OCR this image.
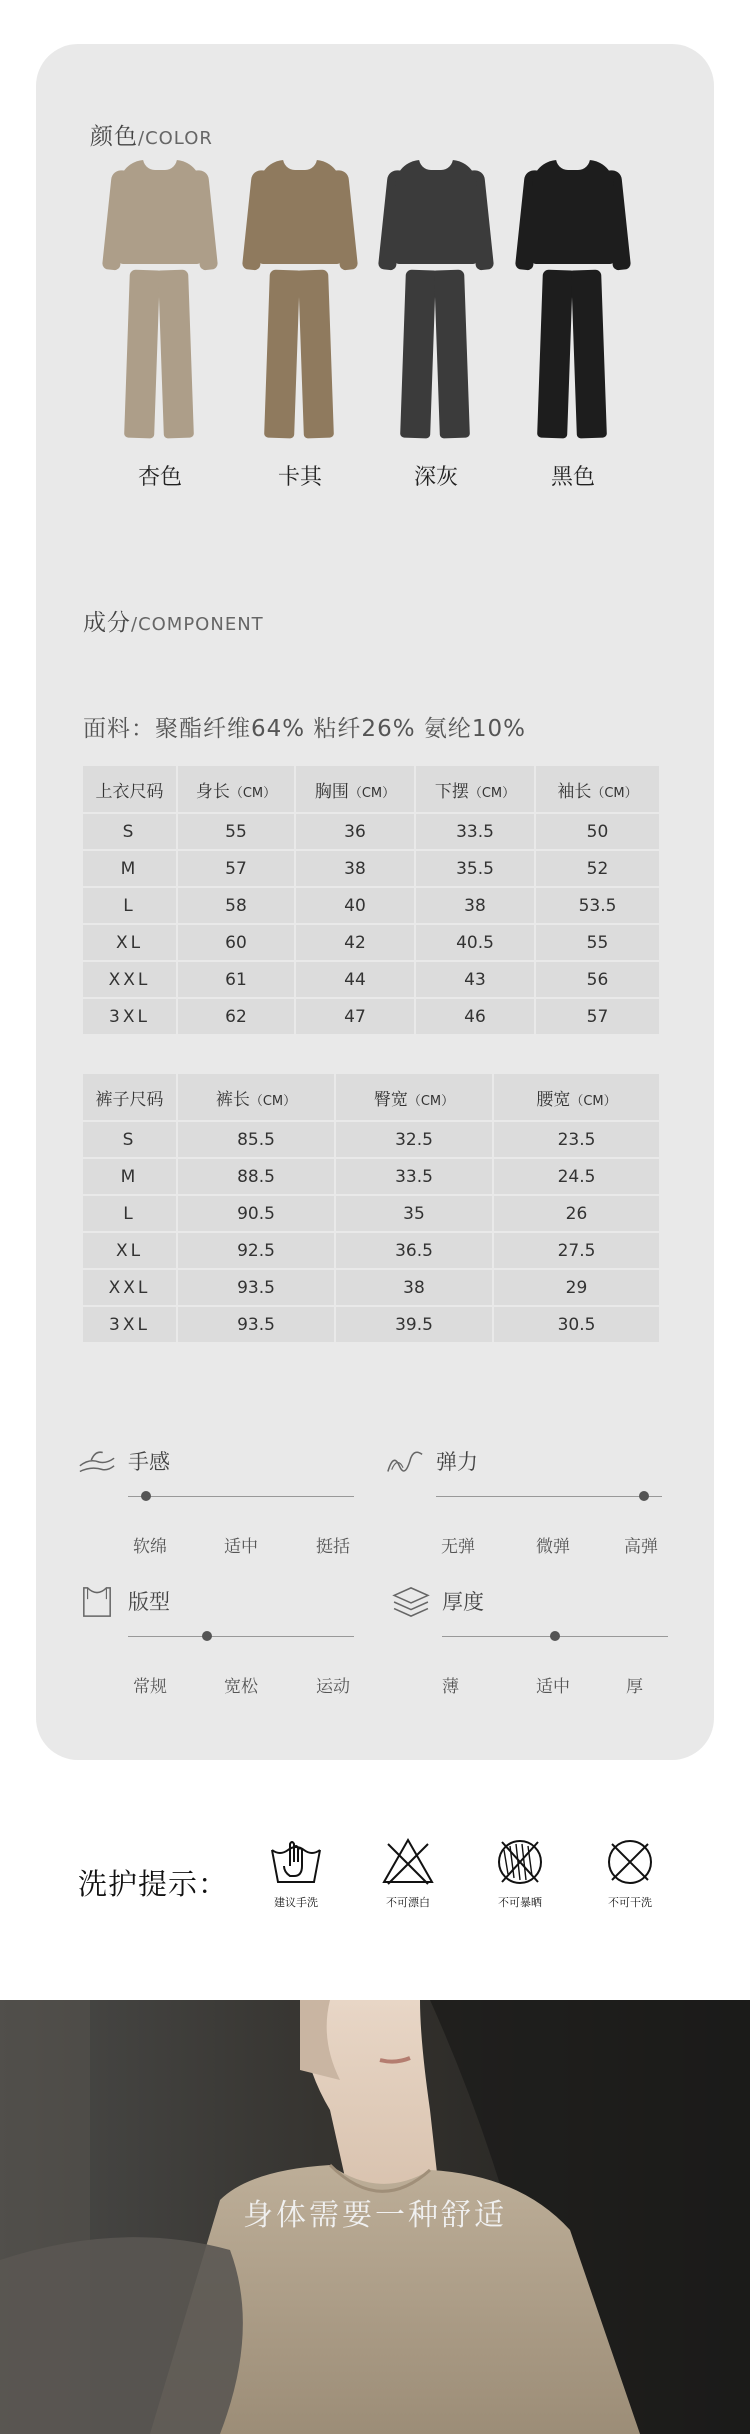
颜色/COLOR
杏色	卡其	深灰	黑色
成分/COMPONENT
面料：聚酯纤维64% 粘纤26% 氨纶10%
上衣尺码	身长（CM）	胸围（CM）	下摆（CM）	袖长（CM）
S	55	36	33.5	50
M	57	38	35.5	52
L	58	40	38	53.5
XL	60	42	40.5	55
XXL	61	44	43	56
3XL	62	47	46	57
裤子尺码	裤长（CM）	臀宽（CM）	腰宽（CM）
S	85.5	32.5	23.5
M	88.5	33.5	24.5
L	90.5	35	26
XL	92.5	36.5	27.5
XXL	93.5	38	29
3XL	93.5	39.5	30.5
手感
软绵	适中	挺括
弹力
无弹	微弹	高弹
版型
常规	宽松	运动
厚度
薄	适中	厚
洗护提示：
建议手洗	不可漂白	不可暴晒	不可干洗
身体需要一种舒适
